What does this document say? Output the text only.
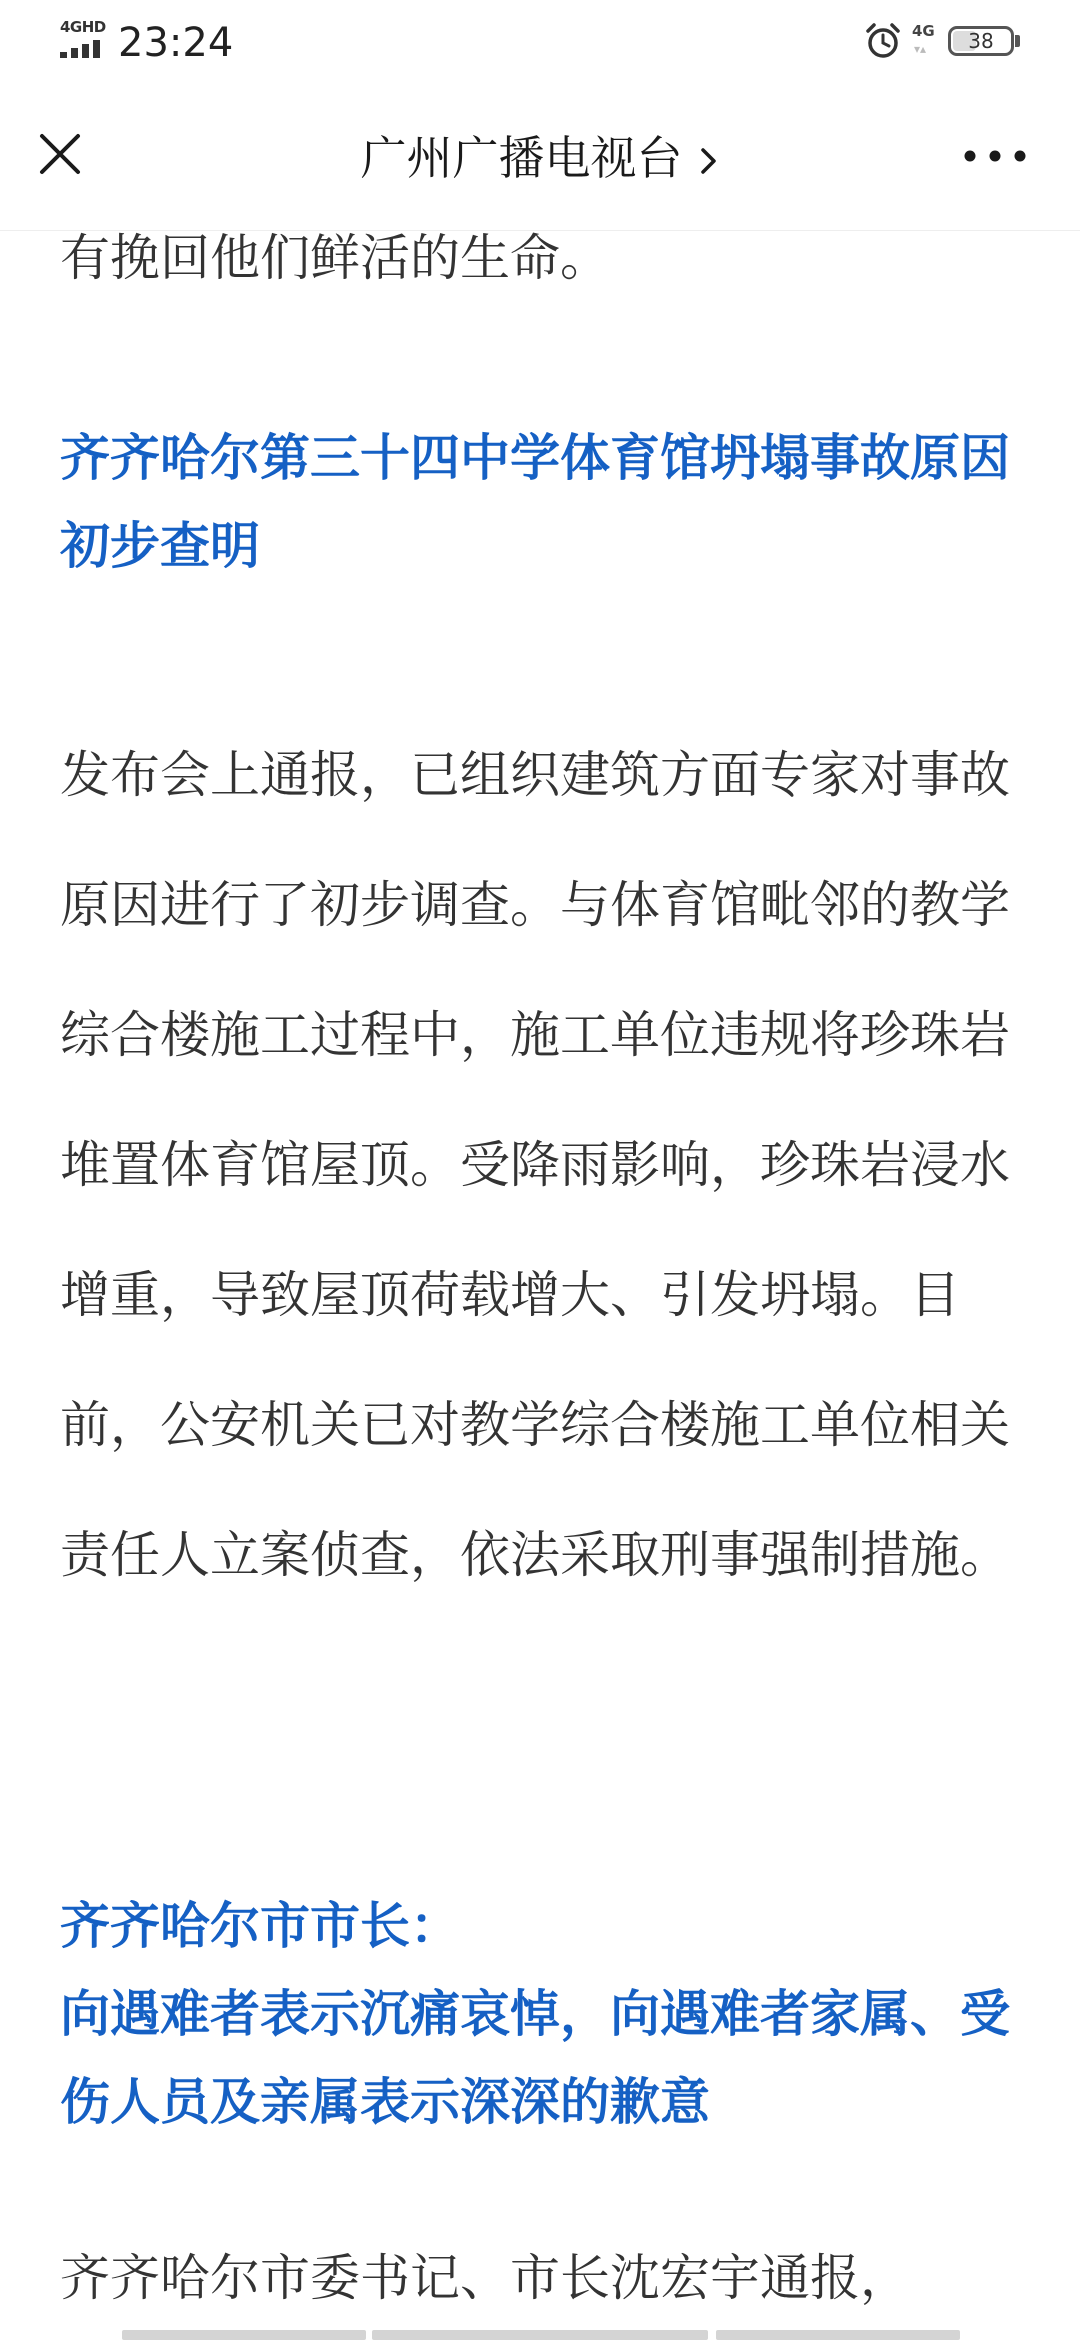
4GHD 23:24	4G
▾▴	38
广州广播电视台
有挽回他们鲜活的生命。
齐齐哈尔第三十四中学体育馆坍塌事故原因初步查明
发布会上通报，已组织建筑方面专家对事故原因进行了初步调查。与体育馆毗邻的教学综合楼施工过程中，施工单位违规将珍珠岩堆置体育馆屋顶。受降雨影响，珍珠岩浸水增重，导致屋顶荷载增大、引发坍塌。目前，公安机关已对教学综合楼施工单位相关责任人立案侦查，依法采取刑事强制措施。
齐齐哈尔市市长：
向遇难者表示沉痛哀悼，向遇难者家属、受伤人员及亲属表示深深的歉意
齐齐哈尔市委书记、市长沈宏宇通报，
